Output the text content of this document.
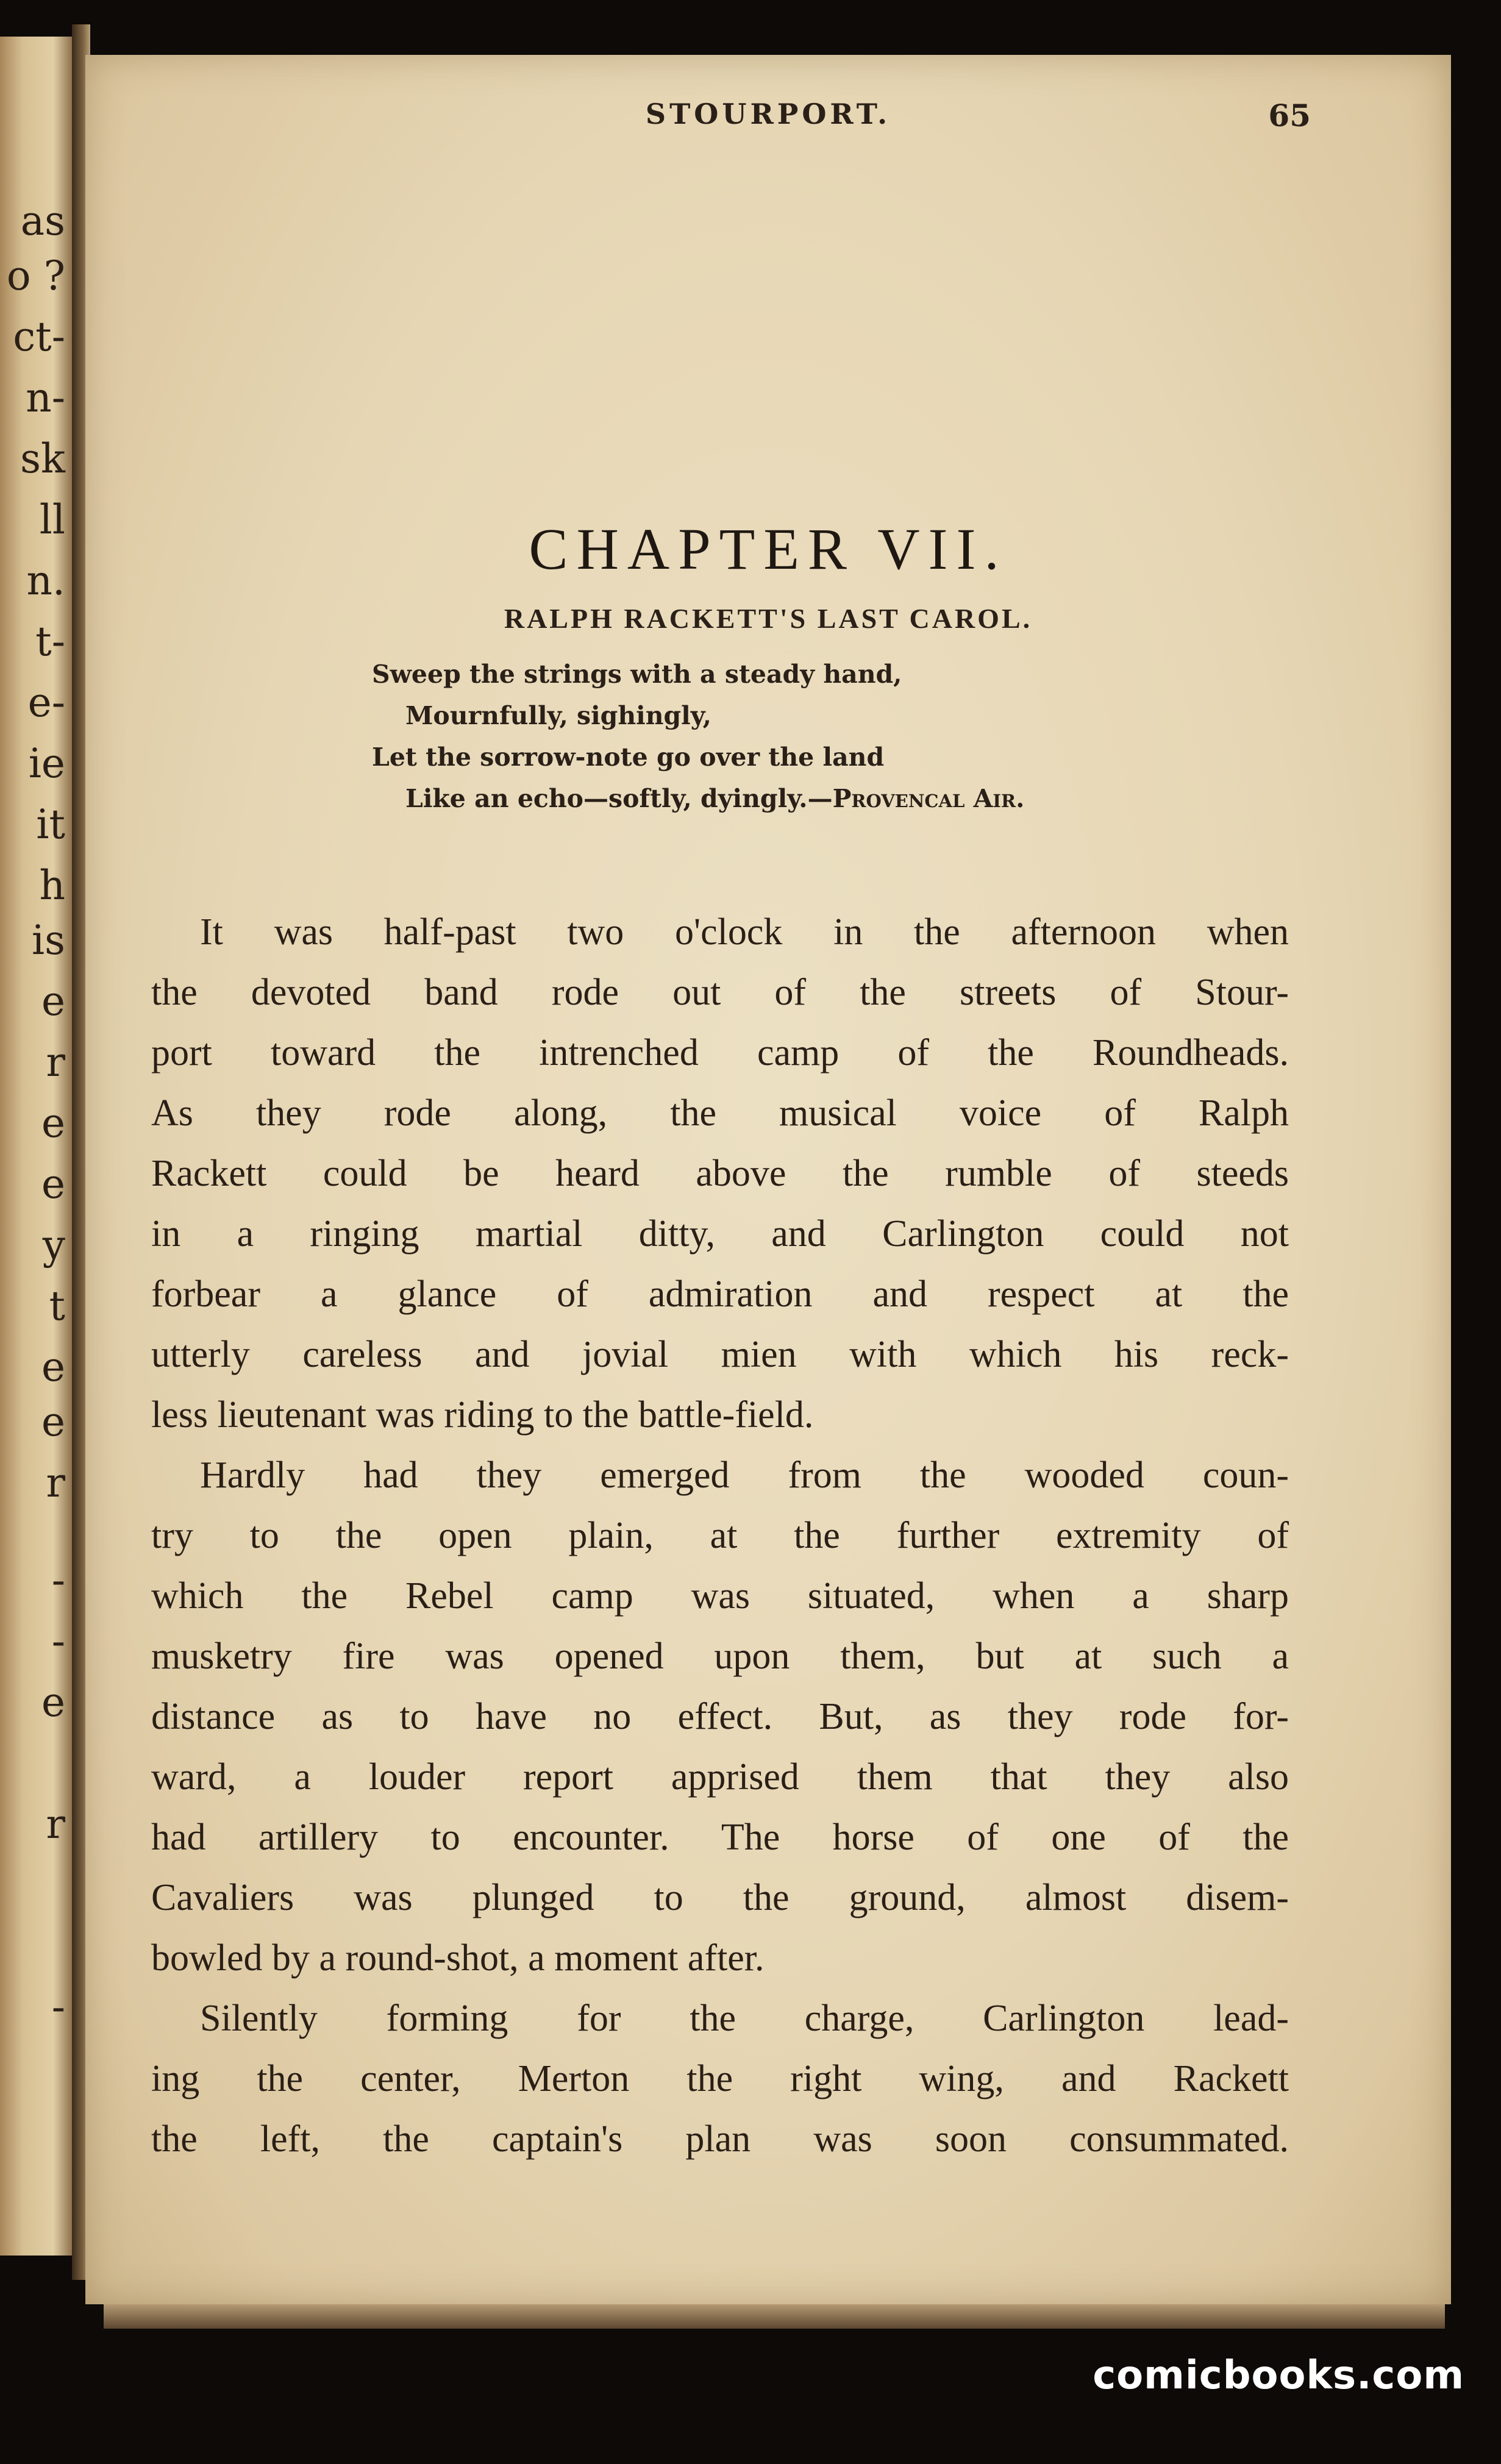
as
o ?
ct-
n-
sk
ll
n.
t-
e-
ie
it
h
is
e
r
e
e
y
t
e
e
r
-
-
e
r
-
STOURPORT.	65
CHAPTER VII.
RALPH RACKETT'S LAST CAROL.
Sweep the strings with a steady hand,
Mournfully, sighingly,
Let the sorrow-note go over the land
Like an echo—softly, dyingly.—Provencal Air.
It was half-past two o'clock in the afternoon when
the devoted band rode out of the streets of Stour-
port toward the intrenched camp of the Roundheads.
As they rode along, the musical voice of Ralph
Rackett could be heard above the rumble of steeds
in a ringing martial ditty, and Carlington could not
forbear a glance of admiration and respect at the
utterly careless and jovial mien with which his reck-
less lieutenant was riding to the battle-field.
Hardly had they emerged from the wooded coun-
try to the open plain, at the further extremity of
which the Rebel camp was situated, when a sharp
musketry fire was opened upon them, but at such a
distance as to have no effect. But, as they rode for-
ward, a louder report apprised them that they also
had artillery to encounter. The horse of one of the
Cavaliers was plunged to the ground, almost disem-
bowled by a round-shot, a moment after.
Silently forming for the charge, Carlington lead-
ing the center, Merton the right wing, and Rackett
the left, the captain's plan was soon consummated.
comicbooks.com
